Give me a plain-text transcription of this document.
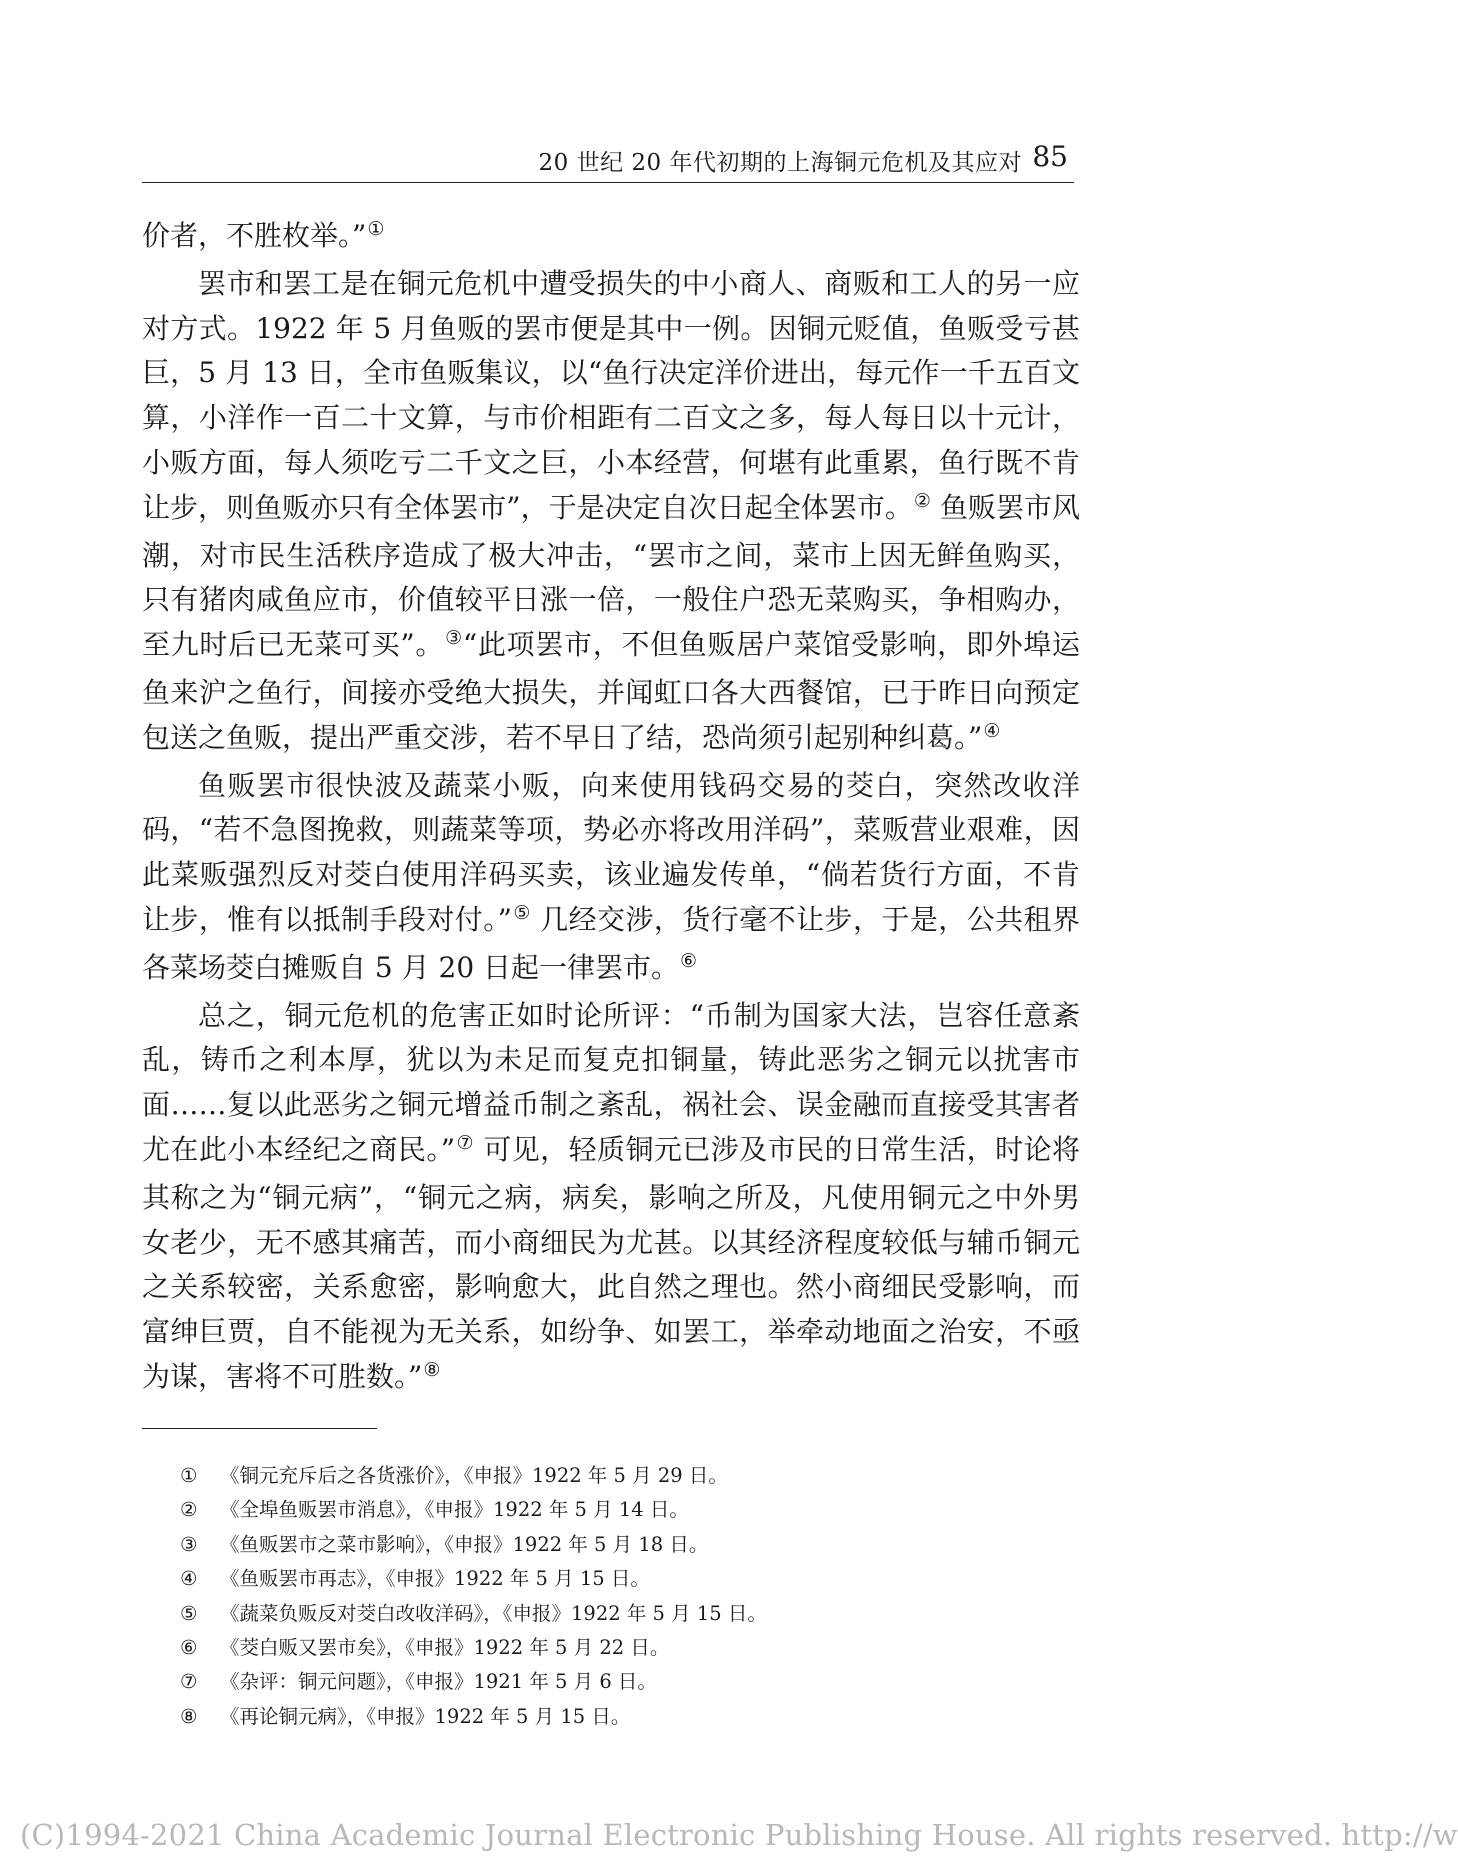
20 世纪 20 年代初期的上海铜元危机及其应对 85

价者，不胜枚举。”①

罢市和罢工是在铜元危机中遭受损失的中小商人、商贩和工人的另一应对方式。1922 年 5 月鱼贩的罢市便是其中一例。因铜元贬值，鱼贩受亏甚巨，5 月 13 日，全市鱼贩集议，以“鱼行决定洋价进出，每元作一千五百文算，小洋作一百二十文算，与市价相距有二百文之多，每人每日以十元计，小贩方面，每人须吃亏二千文之巨，小本经营，何堪有此重累，鱼行既不肯让步，则鱼贩亦只有全体罢市”，于是决定自次日起全体罢市。② 鱼贩罢市风潮，对市民生活秩序造成了极大冲击，“罢市之间，菜市上因无鲜鱼购买，只有猪肉咸鱼应市，价值较平日涨一倍，一般住户恐无菜购买，争相购办，至九时后已无菜可买”。③“此项罢市，不但鱼贩居户菜馆受影响，即外埠运鱼来沪之鱼行，间接亦受绝大损失，并闻虹口各大西餐馆，已于昨日向预定包送之鱼贩，提出严重交涉，若不早日了结，恐尚须引起别种纠葛。”④

鱼贩罢市很快波及蔬菜小贩，向来使用钱码交易的茭白，突然改收洋码，“若不急图挽救，则蔬菜等项，势必亦将改用洋码”，菜贩营业艰难，因此菜贩强烈反对茭白使用洋码买卖，该业遍发传单，“倘若货行方面，不肯让步，惟有以抵制手段对付。”⑤ 几经交涉，货行毫不让步，于是，公共租界各菜场茭白摊贩自 5 月 20 日起一律罢市。⑥

总之，铜元危机的危害正如时论所评：“币制为国家大法，岂容任意紊乱，铸币之利本厚，犹以为未足而复克扣铜量，铸此恶劣之铜元以扰害市面……复以此恶劣之铜元增益币制之紊乱，祸社会、误金融而直接受其害者尤在此小本经纪之商民。”⑦ 可见，轻质铜元已涉及市民的日常生活，时论将其称之为“铜元病”，“铜元之病，病矣，影响之所及，凡使用铜元之中外男女老少，无不感其痛苦，而小商细民为尤甚。以其经济程度较低与辅币铜元之关系较密，关系愈密，影响愈大，此自然之理也。然小商细民受影响，而富绅巨贾，自不能视为无关系，如纷争、如罢工，举牵动地面之治安，不亟为谋，害将不可胜数。”⑧

①	《铜元充斥后之各货涨价》，《申报》1922 年 5 月 29 日。
②	《全埠鱼贩罢市消息》，《申报》1922 年 5 月 14 日。
③	《鱼贩罢市之菜市影响》，《申报》1922 年 5 月 18 日。
④	《鱼贩罢市再志》，《申报》1922 年 5 月 15 日。
⑤	《蔬菜负贩反对茭白改收洋码》，《申报》1922 年 5 月 15 日。
⑥	《茭白贩又罢市矣》，《申报》1922 年 5 月 22 日。
⑦	《杂评：铜元问题》，《申报》1921 年 5 月 6 日。
⑧	《再论铜元病》，《申报》1922 年 5 月 15 日。
(C)1994-2021 China Academic Journal Electronic Publishing House. All rights reserved. http://w
